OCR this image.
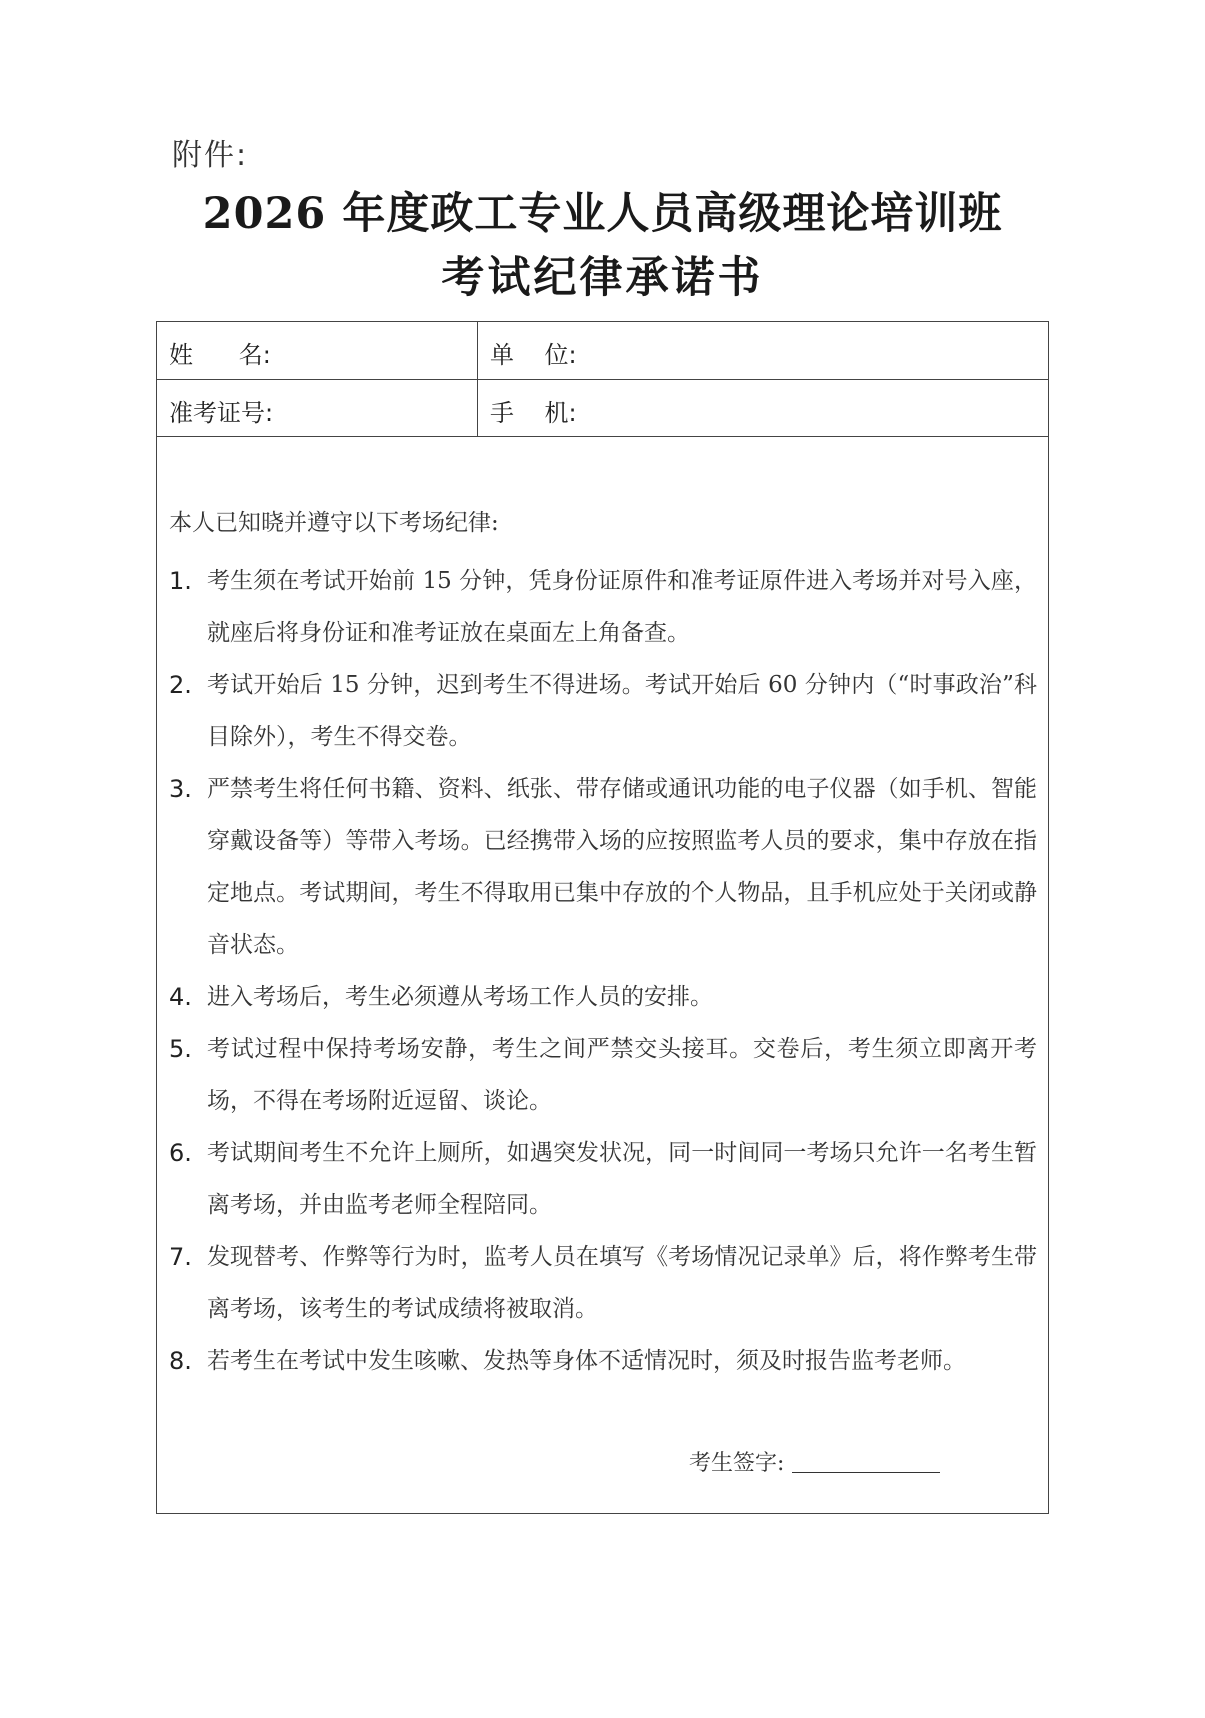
附件:
2026 年度政工专业人员高级理论培训班
考试纪律承诺书
姓      名:	单    位:
准考证号:	手    机:
本人已知晓并遵守以下考场纪律:
1. 考生须在考试开始前 15 分钟，凭身份证原件和准考证原件进入考场并对号入座，就座后将身份证和准考证放在桌面左上角备查。
2. 考试开始后 15 分钟，迟到考生不得进场。考试开始后 60 分钟内（“时事政治”科目除外），考生不得交卷。
3. 严禁考生将任何书籍、资料、纸张、带存储或通讯功能的电子仪器（如手机、智能穿戴设备等）等带入考场。已经携带入场的应按照监考人员的要求，集中存放在指定地点。考试期间，考生不得取用已集中存放的个人物品，且手机应处于关闭或静音状态。
4. 进入考场后，考生必须遵从考场工作人员的安排。
5. 考试过程中保持考场安静，考生之间严禁交头接耳。交卷后，考生须立即离开考场，不得在考场附近逗留、谈论。
6. 考试期间考生不允许上厕所，如遇突发状况，同一时间同一考场只允许一名考生暂离考场，并由监考老师全程陪同。
7. 发现替考、作弊等行为时，监考人员在填写《考场情况记录单》后，将作弊考生带离考场，该考生的考试成绩将被取消。
8. 若考生在考试中发生咳嗽、发热等身体不适情况时，须及时报告监考老师。
考生签字:
